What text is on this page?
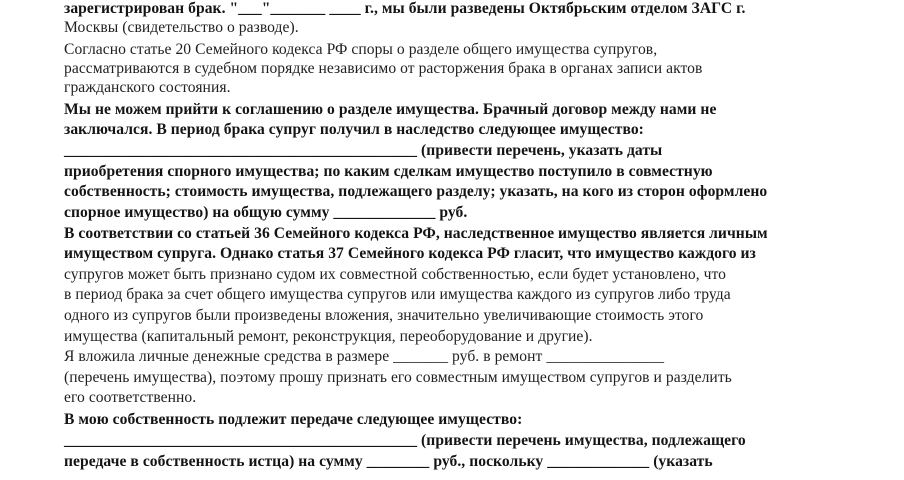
зарегистрирован брак. "___"_______ ____ г., мы были разведены Октябрьским отделом ЗАГС г.

Москвы (свидетельство о разводе).

Согласно статье 20 Семейного кодекса РФ споры о разделе общего имущества супругов,

рассматриваются в судебном порядке независимо от расторжения брака в органах записи актов

гражданского состояния.

Мы не можем прийти к соглашению о разделе имущества. Брачный договор между нами не

заключался. В период брака супруг получил в наследство следующее имущество:

_____________________________________________ (привести перечень, указать даты

приобретения спорного имущества; по каким сделкам имущество поступило в совместную

собственность; стоимость имущества, подлежащего разделу; указать, на кого из сторон оформлено

спорное имущество) на общую сумму _____________ руб.

В соответствии со статьей 36 Семейного кодекса РФ, наследственное имущество является личным

имуществом супруга. Однако статья 37 Семейного кодекса РФ гласит, что имущество каждого из

супругов может быть признано судом их совместной собственностью, если будет установлено, что

в период брака за счет общего имущества супругов или имущества каждого из супругов либо труда

одного из супругов были произведены вложения, значительно увеличивающие стоимость этого

имущества (капитальный ремонт, реконструкция, переоборудование и другие).

Я вложила личные денежные средства в размере _______ руб. в ремонт _______________

(перечень имущества), поэтому прошу признать его совместным имуществом супругов и разделить

его соответственно.

В мою собственность подлежит передаче следующее имущество:

_____________________________________________ (привести перечень имущества, подлежащего

передаче в собственность истца) на сумму ________ руб., поскольку _____________ (указать
